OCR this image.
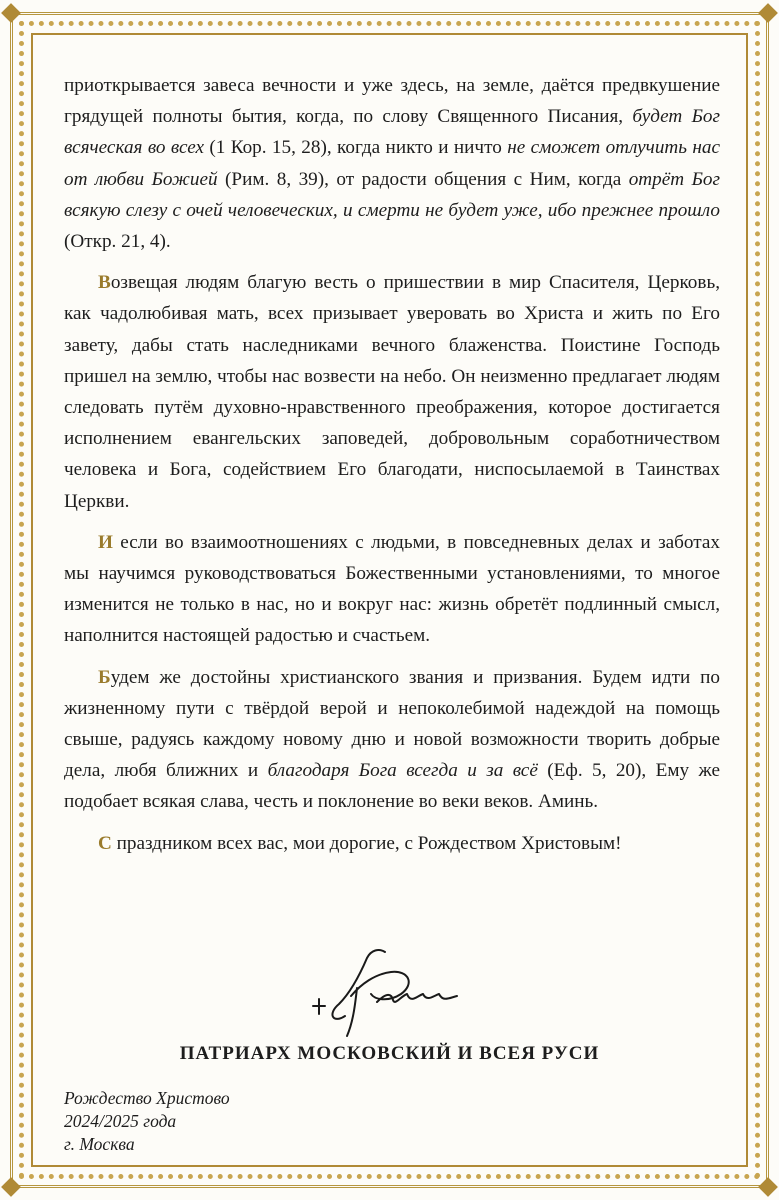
приоткрывается завеса вечности и уже здесь, на земле, даётся предвкушение грядущей полноты бытия, когда, по слову Священного Писания, будет Бог всяческая во всех (1 Кор. 15, 28), когда никто и ничто не сможет отлучить нас от любви Божией (Рим. 8, 39), от радости общения с Ним, когда отрёт Бог всякую слезу с очей человеческих, и смерти не будет уже, ибо прежнее прошло (Откр. 21, 4).

Возвещая людям благую весть о пришествии в мир Спасителя, Церковь, как чадолюбивая мать, всех призывает уверовать во Христа и жить по Его завету, дабы стать наследниками вечного блаженства. Поистине Господь пришел на землю, чтобы нас возвести на небо. Он неизменно предлагает людям следовать путём духовно-нравственного преображения, которое достигается исполнением евангельских заповедей, добровольным соработничеством человека и Бога, содействием Его благодати, ниспосылаемой в Таинствах Церкви.

И если во взаимоотношениях с людьми, в повседневных делах и заботах мы научимся руководствоваться Божественными установлениями, то многое изменится не только в нас, но и вокруг нас: жизнь обретёт подлинный смысл, наполнится настоящей радостью и счастьем.

Будем же достойны христианского звания и призвания. Будем идти по жизненному пути с твёрдой верой и непоколебимой надеждой на помощь свыше, радуясь каждому новому дню и новой возможности творить добрые дела, любя ближних и благодаря Бога всегда и за всё (Еф. 5, 20), Ему же подобает всякая слава, честь и поклонение во веки веков. Аминь.

С праздником всех вас, мои дорогие, с Рождеством Христовым!

ПАТРИАРХ МОСКОВСКИЙ И ВСЕЯ РУСИ
Рождество Христово
2024/2025 года
г. Москва
